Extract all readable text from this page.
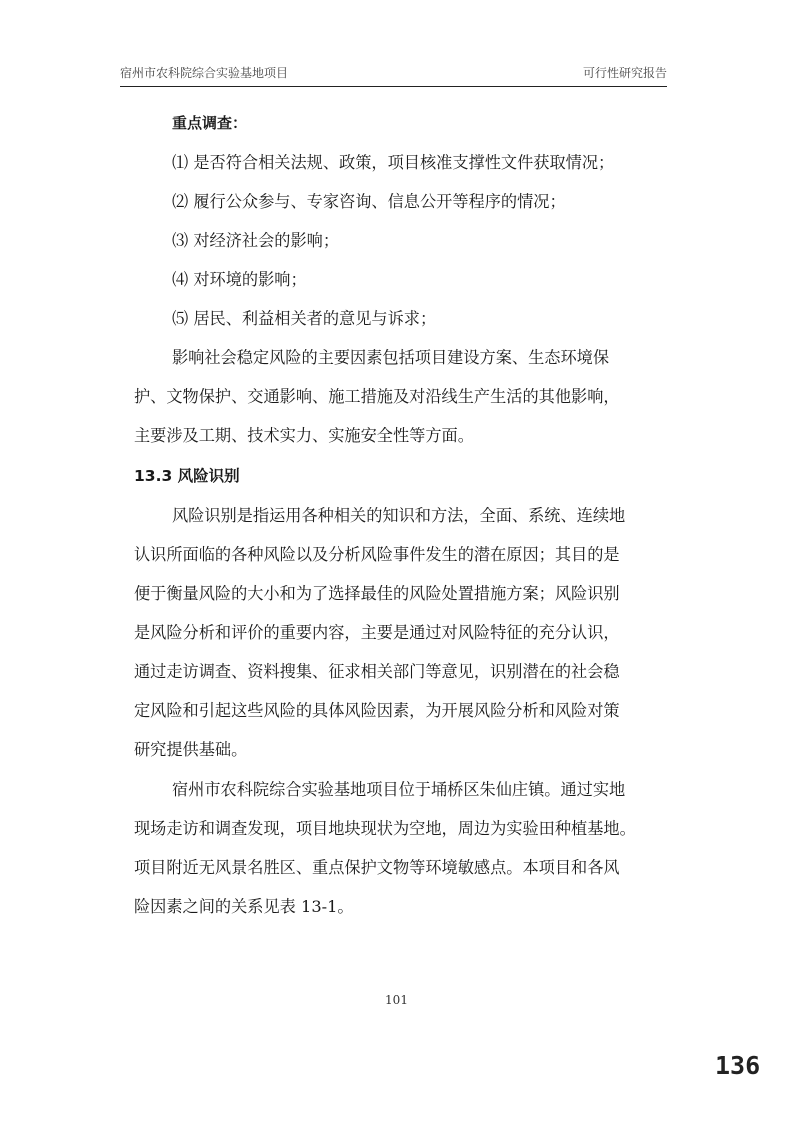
宿州市农科院综合实验基地项目	可行性研究报告
重点调查：
⑴ 是否符合相关法规、政策，项目核准支撑性文件获取情况；
⑵ 履行公众参与、专家咨询、信息公开等程序的情况；
⑶ 对经济社会的影响；
⑷ 对环境的影响；
⑸ 居民、利益相关者的意见与诉求；
影响社会稳定风险的主要因素包括项目建设方案、生态环境保
护、文物保护、交通影响、施工措施及对沿线生产生活的其他影响，
主要涉及工期、技术实力、实施安全性等方面。
13.3 风险识别
风险识别是指运用各种相关的知识和方法，全面、系统、连续地
认识所面临的各种风险以及分析风险事件发生的潜在原因；其目的是
便于衡量风险的大小和为了选择最佳的风险处置措施方案；风险识别
是风险分析和评价的重要内容，主要是通过对风险特征的充分认识，
通过走访调查、资料搜集、征求相关部门等意见，识别潜在的社会稳
定风险和引起这些风险的具体风险因素，为开展风险分析和风险对策
研究提供基础。
宿州市农科院综合实验基地项目位于埇桥区朱仙庄镇。通过实地
现场走访和调查发现，项目地块现状为空地，周边为实验田种植基地。
项目附近无风景名胜区、重点保护文物等环境敏感点。本项目和各风
险因素之间的关系见表 13-1。
101
136
